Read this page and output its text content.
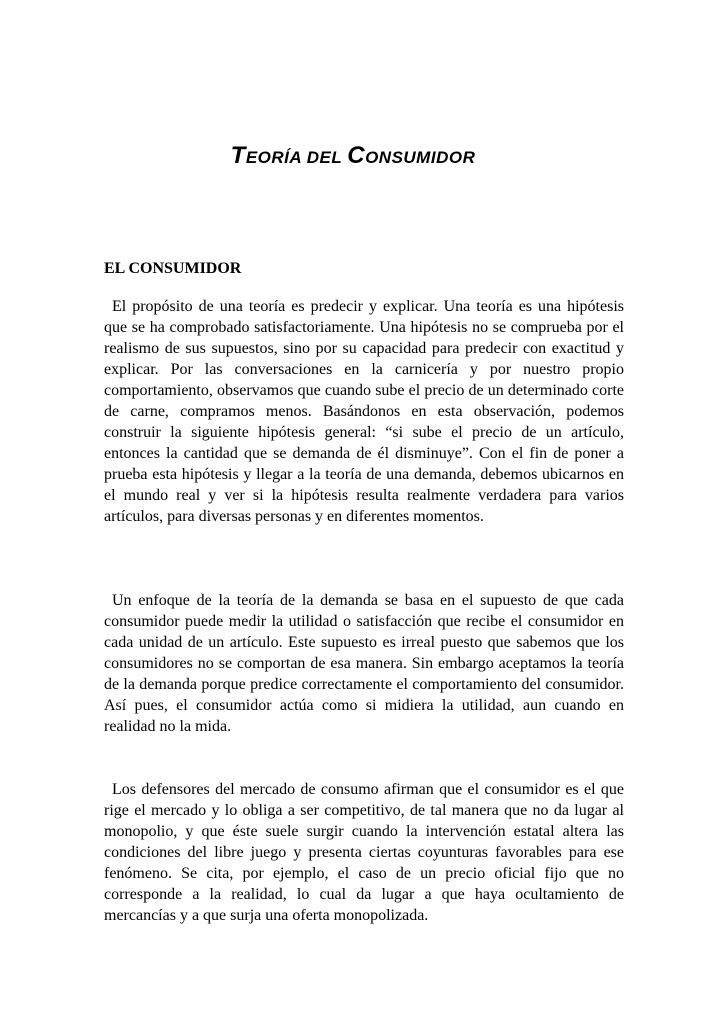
TEORÍA DEL CONSUMIDOR
EL CONSUMIDOR

El propósito de una teoría es predecir y explicar. Una teoría es una hipótesis que se ha comprobado satisfactoriamente. Una hipótesis no se comprueba por el realismo de sus supuestos, sino por su capacidad para predecir con exactitud y explicar. Por las conversaciones en la carnicería y por nuestro propio comportamiento, observamos que cuando sube el precio de un determinado corte de carne, compramos menos. Basándonos en esta observación, podemos construir la siguiente hipótesis general: “si sube el precio de un artículo, entonces la cantidad que se demanda de él disminuye”. Con el fin de poner a prueba esta hipótesis y llegar a la teoría de una demanda, debemos ubicarnos en el mundo real y ver si la hipótesis resulta realmente verdadera para varios artículos, para diversas personas y en diferentes momentos.

Un enfoque de la teoría de la demanda se basa en el supuesto de que cada consumidor puede medir la utilidad o satisfacción que recibe el consumidor en cada unidad de un artículo. Este supuesto es irreal puesto que sabemos que los consumidores no se comportan de esa manera. Sin embargo aceptamos la teoría de la demanda porque predice correctamente el comportamiento del consumidor. Así pues, el consumidor actúa como si midiera la utilidad, aun cuando en realidad no la mida.

Los defensores del mercado de consumo afirman que el consumidor es el que rige el mercado y lo obliga a ser competitivo, de tal manera que no da lugar al monopolio, y que éste suele surgir cuando la intervención estatal altera las condiciones del libre juego y presenta ciertas coyunturas favorables para ese fenómeno. Se cita, por ejemplo, el caso de un precio oficial fijo que no corresponde a la realidad, lo cual da lugar a que haya ocultamiento de mercancías y a que surja una oferta monopolizada.
